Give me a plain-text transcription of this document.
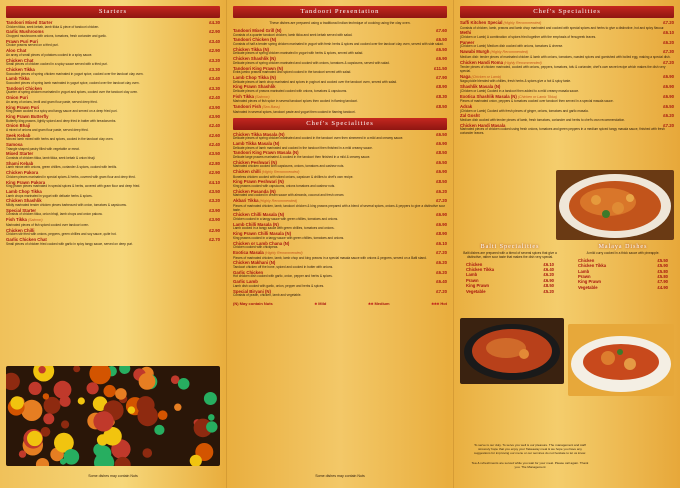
Starters
Tandoori Mixed Starter	£4.30
Chicken tikka, seek kebab, lamb tikka & piece of tandoori chicken.
Garlic Mushrooms	£2.90
Chopped mushrooms with onions, tomatoes, fresh coriander and garlic.
Prawn Puri Puri	£3.40
Choice prawns served on a fried puri.
Aloo Chat	£2.90
An array of small pieces of potatoes cooked in a spicy sauce.
Chicken Chat	£3.20
Small pieces of chicken cooked in a spicy sauce served with a fried puri.
Chicken Tikka	£3.30
Succulent pieces of spring chicken marinated in yogurt spice, cooked over the tandoori clay oven.
Lamb Tikka	£3.40
Succulent pieces of spring lamb marinated in yogurt spice, cooked over the tandoori clay oven.
Tandoori Chicken	£3.30
Quarter of spring chicken marinated in yogurt and spices, cooked over the tandoori clay oven.
Onion Puri	£2.40
An array of onions, lentil and gram flour paste, served deep fried.
King Prawn Puri	£3.90
King prawn cooked in a spicy and tangy sauce and served on a deep fried puri.
King Prawn Butterfly	£3.90
Butterfly king prawns, lightly spiced and deep fried in batter with breadcrumbs.
Onion Bhaji	£2.40
A mixed of onions and gram flour paste, served deep fried.
Seek Kebab	£2.60
Minced lamb mixed with herbs and spices, cooked in the tandoori clay oven.
Samosa	£2.40
Triangle shaped pastry filled with vegetable or meat.
Mixed Starter	£3.50
Consists of chicken tikka, lamb tikka, seek kebab & onion bhaji.
Shami Kebab	£2.80
Lamb mince with onions, green chillies, coriander & spices, cooked with lentils.
Chicken Pakora	£2.90
Chicken pieces marinated in special spices & herbs, covered with gram flour and deep fried.
King Prawn Pakora	£4.10
King prawn pieces marinated in special spices & herbs, covered with gram flour and deep fried.
Lamb Chop Tikka	£3.50
Lamb chops marinated in yogurt with delicate herbs & spices.
Chicken Shashlik	£3.20
Mildly marinated tender chicken pieces barbecued with onion, tomatoes & capsicums.
Special Starter	£3.90
Consists of chicken tikka, onion bhaji, lamb chops and onion pakora.
Fish Tikka (Salmon)	£3.90
Marinated pieces of fish spiced cooked over tandoori oven.
Chicken Chilli	£2.90
Chicken stir fried with onions, peppers, green chillies and soy sauce, quite hot.
Garlic Chicken Chat	£2.70
Small pieces of chicken fried cooked with garlic in spicy tangy sauce, served on deep puri.
Some dishes may contain Nuts
Tandoori Presentation
These dishes are prepared using a traditional Indian technique of cooking using the clay oven.
Tandoori Mixed Grill (N)	£7.60
Consists of a quarter tandoori chicken, lamb tikka and seek kebab served with salad.
Tandoori Chicken (N)	£6.50
Consists of half a tender spring chicken marinated in yogurt with fresh herbs & spices and cooked over the tandoori clay oven, served with side salad.
Chicken Tikka (N)	£6.50
Delicate pieces of spring chicken marinated in yogurt with herbs & spices, served with salad.
Chicken Shashlik (N)	£6.90
Delicate pieces of spring chicken marinated and cooked with onions, tomatoes & capsicums, served with salad.
Tandoori King Prawn (N)	£11.50
Extra jumbo prawns marinated and spiced cooked in the tandoori served with salad.
Lamb Chop Tikka (N)	£7.90
Delicate pieces of lamb chop marinated and spices in yoghurt and cooked over the tandoori oven, served with salad.
King Prawn Shashlik	£8.90
Delicate pieces of prawns marinated cooked with onions, tomatoes & capsicums.
Fish Tikka (Salmon)	£8.30
Marinated pieces of fish spice in several tandoori spices then cooked in flaming tandoori.
Tandoori Fish (Sea Bass)	£8.50
Marinated in several spices, tandoori paste and yogurt then cooked in flaming tandoori.
Chef's Specialities
Chicken Tikka Masala (N)	£6.50
Delicate pieces of spring chicken marinated and cooked in the tandoori oven then simmered in a mild and creamy sauce.
Lamb Tikka Masala (N)	£6.90
Delicate pieces of lamb marinated and cooked in the tandoori then finished in a mild creamy sauce.
Tandoori King Prawn Masala (N)	£8.50
Delicate large prawns marinated & cooked in the tandoori then finished in a mild & creamy sauce.
Chicken Peshwari (N)	£6.50
Marinated chicken cooked with capsicums, onions, tomatoes and cashew nuts.
Chicken chilli (Highly Recommended)	£6.90
Boneless chicken cooked with sliced onions, capsicum & chillies to chef's own recipe.
King Prawn Peshwari (N)	£8.50
King prawns cooked with capsicums, onions tomatoes and cashew nuts.
Chicken Pasanda (N)	£6.20
Marinated and cooked in cream sauce with almonds, coconut and fresh cream.
Akbari Tikka (Highly Recommended)	£7.20
Pieces of marinated chicken, lamb, tandoori chicken & king prawns prepared with a blend of several spices, onions & peppers to give a distinctive sour taste.
Chicken Chilli Masala (N)	£6.90
Chicken cooked in a tangy sauce with green chillies, tomatoes and onions.
Lamb Chilli Masala (N)	£6.90
Lamb cooked in a tangy sauce with green chillies, tomatoes and onions.
King Prawn Chilli Masala (N)	£8.90
King prawns cooked in a tangy sauce with green chillies, tomatoes and onions.
Chicken or Lamb Chana (N)	£6.10
Chicken cooked with chickpeas.
Exotica Masala (Highly Recommended)	£7.20
Pieces of marinated chicken, lamb, lamb chop and king prawns in a special masala sauce with onions & peppers, served on a Balti stand.
Chicken Makhani (N)	£6.20
Tandoori chicken off the bone, spiced and cooked in butter with onions.
Garlic Chicken	£6.20
Hot chicken dish cooked with garlic, onion, pepper and herbs & spices.
Garlic Lamb	£6.40
Lamb dish cooked with garlic, onion, pepper and herbs & spices.
Special Biryani (N)	£7.20
Consists of prawn, chicken, lamb and vegetable.
(N) May contain Nuts	♣ Mild	♣♣ Medium	♣♣♣ Hot
Some dishes may contain Nuts
Chef's Specialities
Saffi Kitchen Special (Highly Recommended)	£7.20
Consists of chicken, lamb, prawns and lamb chop marinated and cooked with special spices and herbs to give a distinctive, hot and spicy flavour.
Methi	£6.10
(Chicken or Lamb) A combination of spices fried together with the emphasis of fenugreek leaves.
Paneer	£6.20
(Chicken or Lamb) Medium dish cooked with onions, tomatoes & cheese.
Nawabi Murgh (Highly Recommended)	£7.30
Medium dish: tender pieces of marinated chicken & lamb with onions, tomatoes, roasted spices and garnished with boiled egg, making a special dish.
Chicken Handi Roma (Highly Recommended)	£7.20
Tender pieces of chicken marinated, cooked with onions, peppers, tomatoes, tofu & coriander, chef's own secret recipe which makes the dish very special.
Naga (Chicken or Lamb)	£6.90
Naga pickle blended with chillies, fresh herbs & spices give a hot & spicy taste.
Shashlik Masala (N)	£6.90
(Chicken or Lamb) Cooked in a tandoori then added to a mild creamy masala sauce.
Exotica Shashlik Masala (N) (Chicken or Lamb Tikka)	£6.90
Pieces of marinated onion, peppers & tomatoes cooked over tandoori then served in a special masala sauce.
Adrak	£6.50
(Chicken or Lamb) Cooked with fresh pieces of ginger, onions, tomatoes and garlic masala.
Zal Gosht	£6.20
Medium dish cooked with tender pieces of lamb, fresh tomatoes, coriander and herbs to chef's own recommendation.
Chicken Handi Masala	£7.20
Marinated pieces of chicken cooked using fresh onions, tomatoes and green peppers in a medium spiced tangy masala sauce, finished with fresh coriander leaves.
Balti Specialities
Balti dishes are prepared with a blend of several spices that give a distinctive, rather sour taste that makes the dish very special.
Chicken	£6.10
Chicken Tikka	£6.40
Lamb	£6.20
Prawn	£6.90
King Prawn	£8.50
Vegetable	£5.20
Malaya Dishes
A mild curry cooked in a thick sauce with pineapple.
Chicken	£5.50
Chicken Tikka	£5.90
Lamb	£5.80
Prawn	£5.80
King Prawn	£7.90
Vegetable	£4.90
To serve is our duty. To serve you well is our pleasure. The management and staff sincerely hope that you enjoy your Takeaway meal & we hope you have any suggestions for improving our menu or our services do not hesitate to let us know.
Tea & refreshments are served while you wait for your meal. Please call again. Thank you. The Management
